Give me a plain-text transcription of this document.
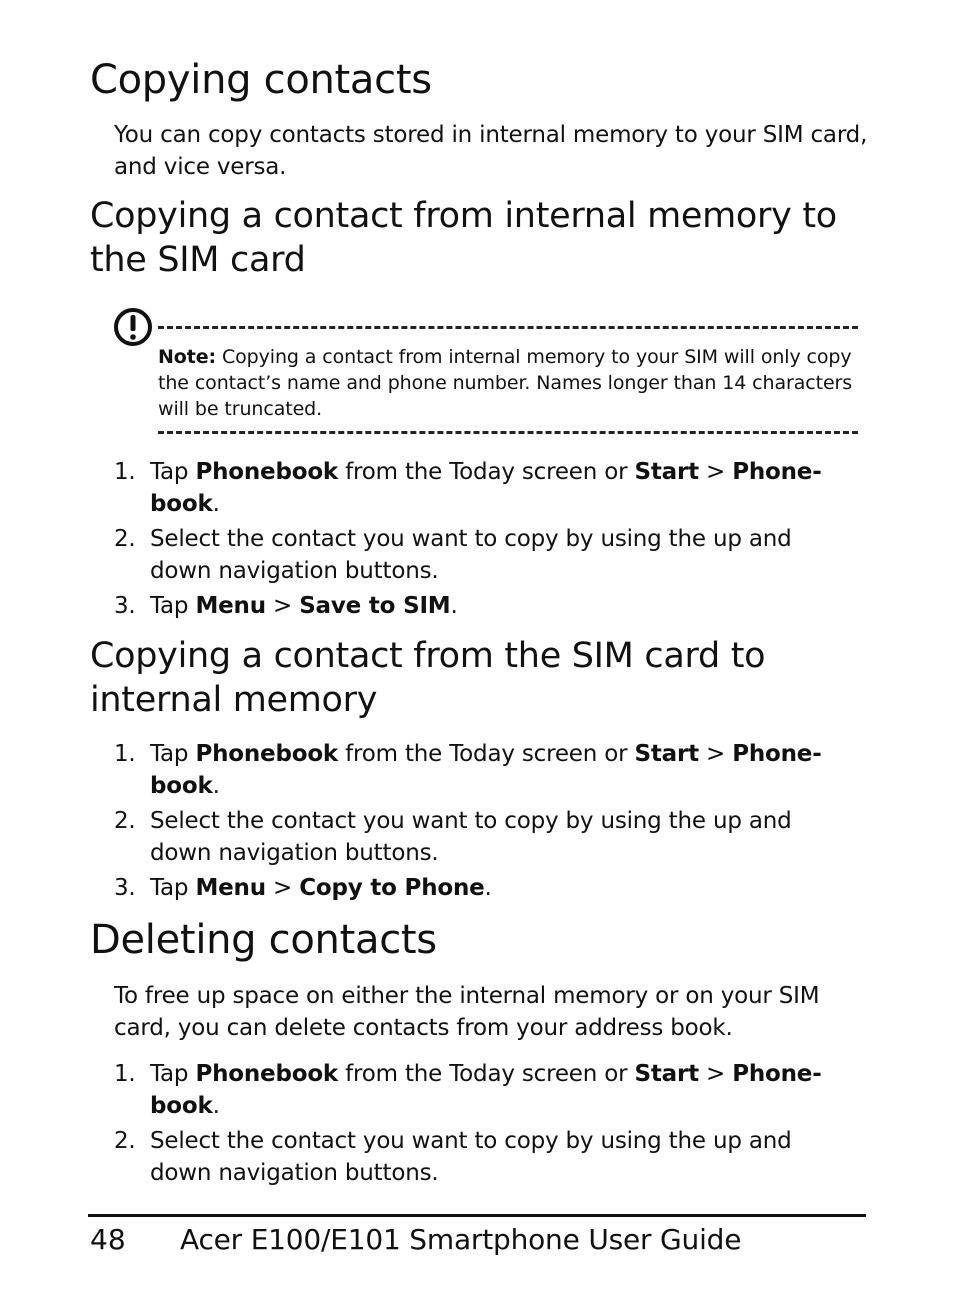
Copying contacts

You can copy contacts stored in internal memory to your SIM card, and vice versa.

Copying a contact from internal memory to the SIM card

Note: Copying a contact from internal memory to your SIM will only copy the contact’s name and phone number. Names longer than 14 characters will be truncated.

1. Tap Phonebook from the Today screen or Start > Phone-book.
2. Select the contact you want to copy by using the up and down navigation buttons.
3. Tap Menu > Save to SIM.
Copying a contact from the SIM card to internal memory
1. Tap Phonebook from the Today screen or Start > Phone-book.
2. Select the contact you want to copy by using the up and down navigation buttons.
3. Tap Menu > Copy to Phone.
Deleting contacts

To free up space on either the internal memory or on your SIM card, you can delete contacts from your address book.

1. Tap Phonebook from the Today screen or Start > Phone-book.
2. Select the contact you want to copy by using the up and down navigation buttons.
48 Acer E100/E101 Smartphone User Guide
